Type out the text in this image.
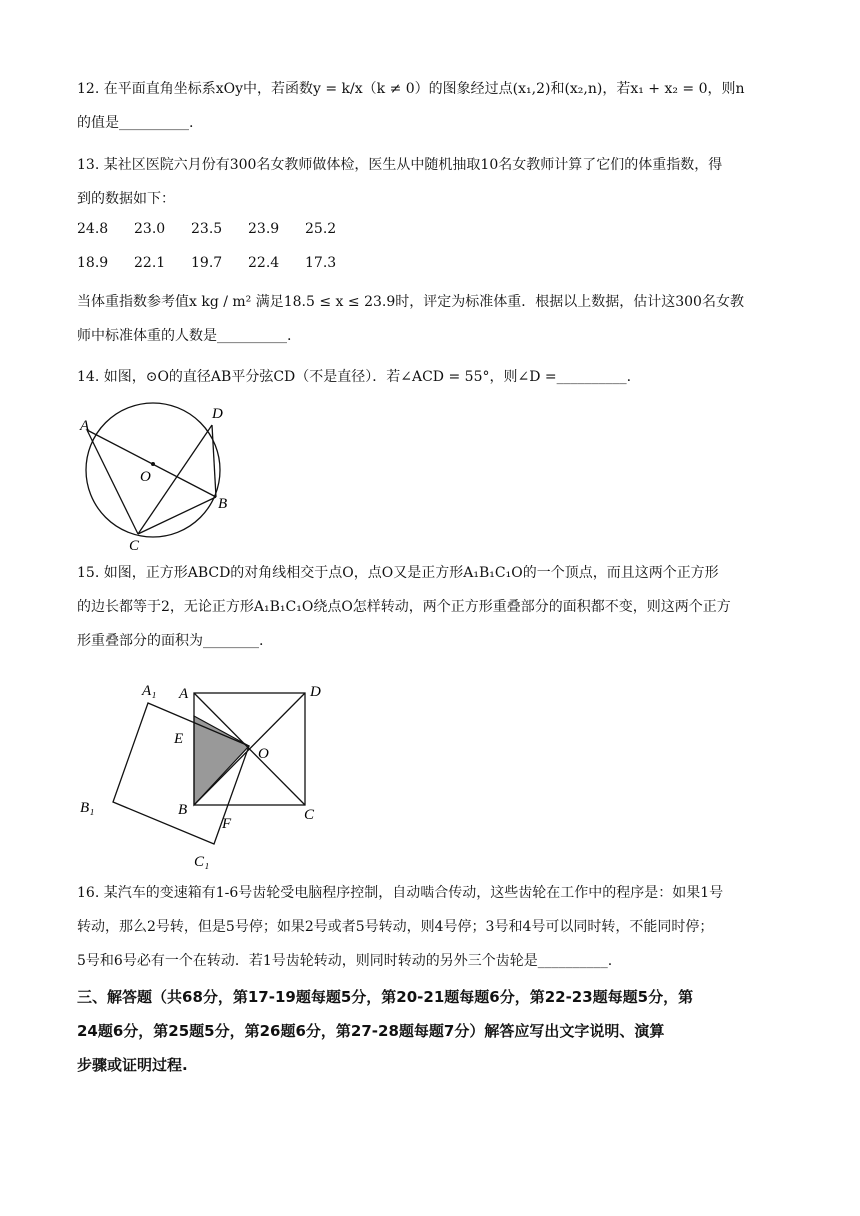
12. 在平面直角坐标系xOy中，若函数y = k/x（k ≠ 0）的图象经过点(x₁,2)和(x₂,n)，若x₁ + x₂ = 0，则n
的值是__________.
13. 某社区医院六月份有300名女教师做体检，医生从中随机抽取10名女教师计算了它们的体重指数，得
到的数据如下：
24.8 23.0 23.5 23.9 25.2
18.9 22.1 19.7 22.4 17.3
当体重指数参考值x kg / m² 满足18.5 ≤ x ≤ 23.9时，评定为标准体重．根据以上数据，估计这300名女教
师中标准体重的人数是__________.
14. 如图，⊙O的直径AB平分弦CD（不是直径）．若∠ACD = 55°，则∠D =__________.
A
D
O
B
C
15. 如图，正方形ABCD的对角线相交于点O，点O又是正方形A₁B₁C₁O的一个顶点，而且这两个正方形
的边长都等于2，无论正方形A₁B₁C₁O绕点O怎样转动，两个正方形重叠部分的面积都不变，则这两个正方
形重叠部分的面积为________.
A₁ A	D
E
O
B₁	B
F
C
C₁
16. 某汽车的变速箱有1-6号齿轮受电脑程序控制，自动啮合传动，这些齿轮在工作中的程序是：如果1号
转动，那么2号转，但是5号停；如果2号或者5号转动，则4号停；3号和4号可以同时转，不能同时停；
5号和6号必有一个在转动．若1号齿轮转动，则同时转动的另外三个齿轮是__________.
三、解答题（共68分，第17-19题每题5分，第20-21题每题6分，第22-23题每题5分，第
24题6分，第25题5分，第26题6分，第27-28题每题7分）解答应写出文字说明、演算
步骤或证明过程.
